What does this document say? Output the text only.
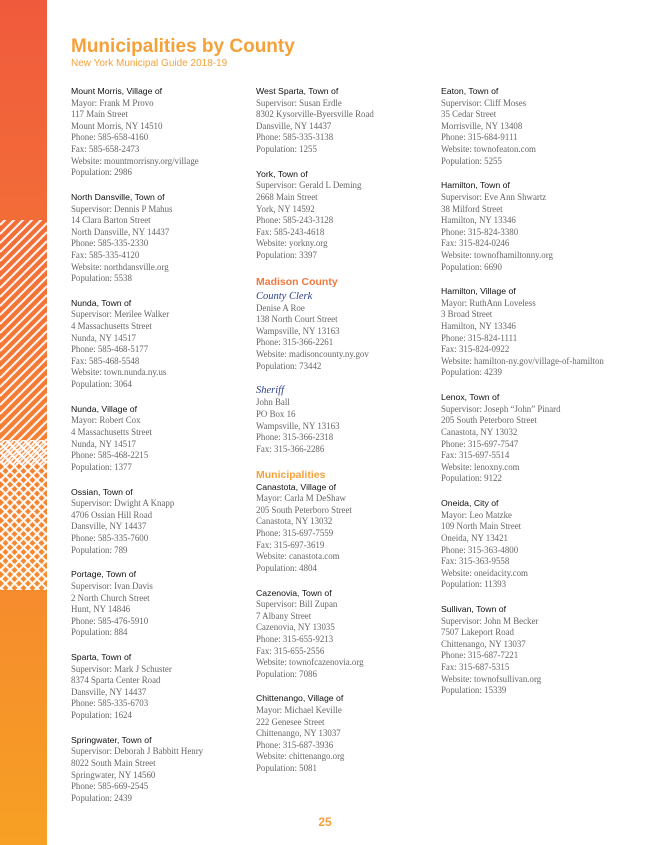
Municipalities by County

New York Municipal Guide 2018-19

Mount Morris, Village of
Mayor: Frank M Provo
117 Main Street
Mount Morris, NY 14510
Phone: 585-658-4160
Fax: 585-658-2473
Website: mountmorrisny.org/village
Population: 2986
North Dansville, Town of
Supervisor: Dennis P Mahus
14 Clara Barton Street
North Dansville, NY 14437
Phone: 585-335-2330
Fax: 585-335-4120
Website: northdansville.org
Population: 5538
Nunda, Town of
Supervisor: Merilee Walker
4 Massachusetts Street
Nunda, NY 14517
Phone: 585-468-5177
Fax: 585-468-5548
Website: town.nunda.ny.us
Population: 3064
Nunda, Village of
Mayor: Robert Cox
4 Massachusetts Street
Nunda, NY 14517
Phone: 585-468-2215
Population: 1377
Ossian, Town of
Supervisor: Dwight A Knapp
4706 Ossian Hill Road
Dansville, NY 14437
Phone: 585-335-7600
Population: 789
Portage, Town of
Supervisor: Ivan Davis
2 North Church Street
Hunt, NY 14846
Phone: 585-476-5910
Population: 884
Sparta, Town of
Supervisor: Mark J Schuster
8374 Sparta Center Road
Dansville, NY 14437
Phone: 585-335-6703
Population: 1624
Springwater, Town of
Supervisor: Deborah J Babbitt Henry
8022 South Main Street
Springwater, NY 14560
Phone: 585-669-2545
Population: 2439
West Sparta, Town of
Supervisor: Susan Erdle
8302 Kysorville-Byersville Road
Dansville, NY 14437
Phone: 585-335-3138
Population: 1255
York, Town of
Supervisor: Gerald L Deming
2668 Main Street
York, NY 14592
Phone: 585-243-3128
Fax: 585-243-4618
Website: yorkny.org
Population: 3397
Madison County
County Clerk
Denise A Roe
138 North Court Street
Wampsville, NY 13163
Phone: 315-366-2261
Website: madisoncounty.ny.gov
Population: 73442
Sheriff
John Ball
PO Box 16
Wampsville, NY 13163
Phone: 315-366-2318
Fax: 315-366-2286
Municipalities
Canastota, Village of
Mayor: Carla M DeShaw
205 South Peterboro Street
Canastota, NY 13032
Phone: 315-697-7559
Fax: 315-697-3619
Website: canastota.com
Population: 4804
Cazenovia, Town of
Supervisor: Bill Zupan
7 Albany Street
Cazenovia, NY 13035
Phone: 315-655-9213
Fax: 315-655-2556
Website: townofcazenovia.org
Population: 7086
Chittenango, Village of
Mayor: Michael Keville
222 Genesee Street
Chittenango, NY 13037
Phone: 315-687-3936
Website: chittenango.org
Population: 5081
Eaton, Town of
Supervisor: Cliff Moses
35 Cedar Street
Morrisville, NY 13408
Phone: 315-684-9111
Website: townofeaton.com
Population: 5255
Hamilton, Town of
Supervisor: Eve Ann Shwartz
38 Milford Street
Hamilton, NY 13346
Phone: 315-824-3380
Fax: 315-824-0246
Website: townofhamiltonny.org
Population: 6690
Hamilton, Village of
Mayor: RuthAnn Loveless
3 Broad Street
Hamilton, NY 13346
Phone: 315-824-1111
Fax: 315-824-0922
Website: hamilton-ny.gov/village-of-hamilton
Population: 4239
Lenox, Town of
Supervisor: Joseph “John” Pinard
205 South Peterboro Street
Canastota, NY 13032
Phone: 315-697-7547
Fax: 315-697-5514
Website: lenoxny.com
Population: 9122
Oneida, City of
Mayor: Leo Matzke
109 North Main Street
Oneida, NY 13421
Phone: 315-363-4800
Fax: 315-363-9558
Website: oneidacity.com
Population: 11393
Sullivan, Town of
Supervisor: John M Becker
7507 Lakeport Road
Chittenango, NY 13037
Phone: 315-687-7221
Fax: 315-687-5315
Website: townofsullivan.org
Population: 15339
25
